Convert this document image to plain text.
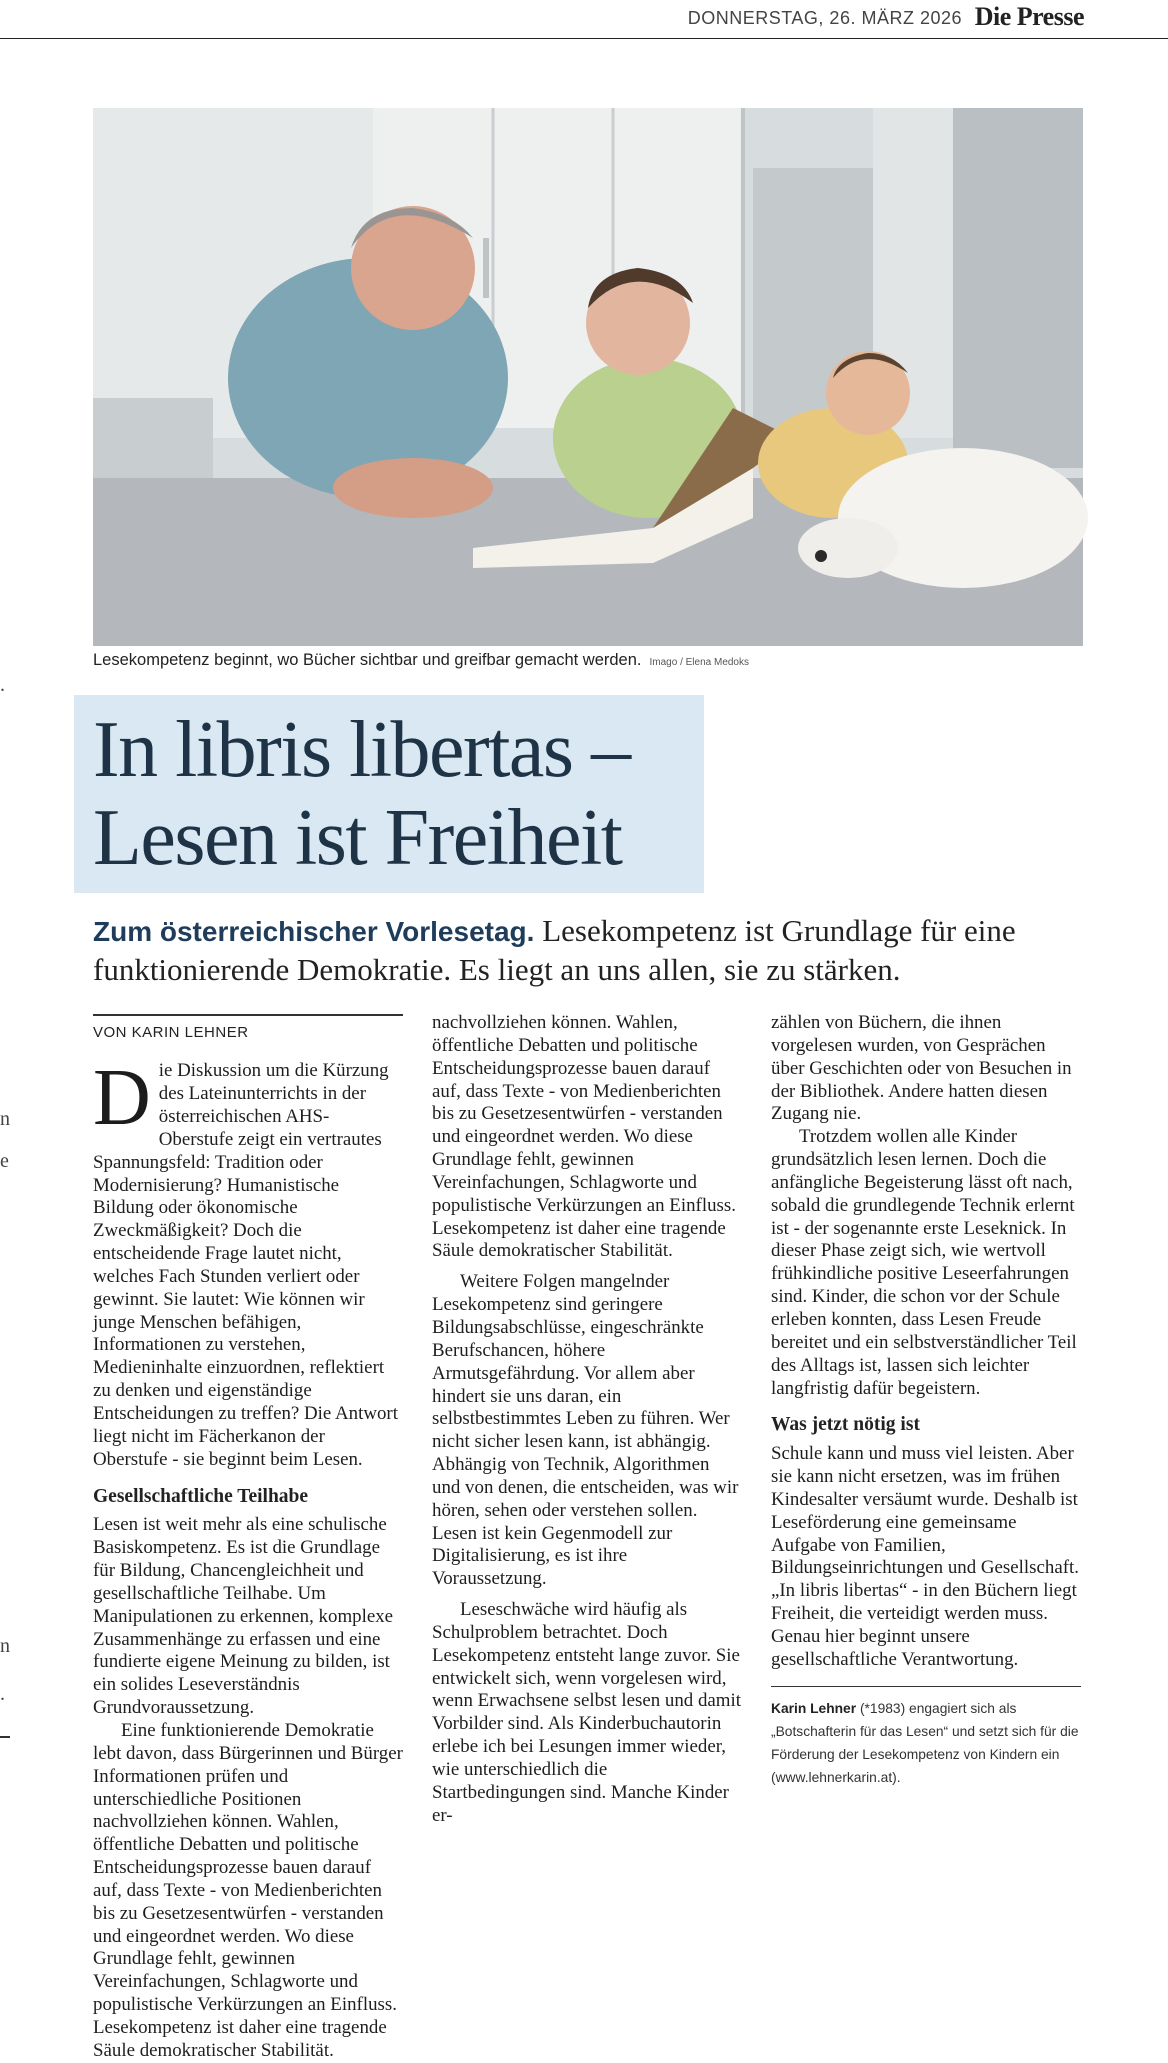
DONNERSTAG, 26. MÄRZ 2026 Die Presse
.
n
e
n
.
Lesekompetenz beginnt, wo Bücher sichtbar und greifbar gemacht werden. Imago / Elena Medoks
In libris libertas –
Lesen ist Freiheit

Zum österreichischer Vorlesetag. Lesekompetenz ist Grundlage für eine funktionierende Demokratie. Es liegt an uns allen, sie zu stärken.

VON KARIN LEHNER

Die Diskussion um die Kürzung des Lateinunterrichts in der österreichischen AHS-Oberstufe zeigt ein vertrautes Spannungsfeld: Tradition oder Modernisierung? Humanistische Bildung oder ökonomische Zweckmäßigkeit? Doch die entscheidende Frage lautet nicht, welches Fach Stunden verliert oder gewinnt. Sie lautet: Wie können wir junge Menschen befähigen, Informationen zu verstehen, Medieninhalte einzuordnen, reflektiert zu denken und eigenständige Entscheidungen zu treffen? Die Antwort liegt nicht im Fächerkanon der Oberstufe - sie beginnt beim Lesen.

Gesellschaftliche Teilhabe

Lesen ist weit mehr als eine schulische Basiskompetenz. Es ist die Grundlage für Bildung, Chancengleichheit und gesellschaftliche Teilhabe. Um Manipulationen zu erkennen, komplexe Zusammenhänge zu erfassen und eine fundierte eigene Meinung zu bilden, ist ein solides Leseverständnis Grundvoraussetzung.

Eine funktionierende Demokratie lebt davon, dass Bürgerinnen und Bürger Informationen prüfen und unterschiedliche Positionen nachvollziehen können. Wahlen, öffentliche Debatten und politische Entscheidungsprozesse bauen darauf auf, dass Texte - von Medienberichten bis zu Gesetzesentwürfen - verstanden und eingeordnet werden. Wo diese Grundlage fehlt, gewinnen Vereinfachungen, Schlagworte und populistische Verkürzungen an Einfluss. Lesekompetenz ist daher eine tragende Säule demokratischer Stabilität.

nachvollziehen können. Wahlen, öffentliche Debatten und politische Entscheidungsprozesse bauen darauf auf, dass Texte - von Medienberichten bis zu Gesetzesentwürfen - verstanden und eingeordnet werden. Wo diese Grundlage fehlt, gewinnen Vereinfachungen, Schlagworte und populistische Verkürzungen an Einfluss. Lesekompetenz ist daher eine tragende Säule demokratischer Stabilität.

Weitere Folgen mangelnder Lesekompetenz sind geringere Bildungsabschlüsse, eingeschränkte Berufschancen, höhere Armutsgefährdung. Vor allem aber hindert sie uns daran, ein selbstbestimmtes Leben zu führen. Wer nicht sicher lesen kann, ist abhängig. Abhängig von Technik, Algorithmen und von denen, die entscheiden, was wir hören, sehen oder verstehen sollen. Lesen ist kein Gegenmodell zur Digitalisierung, es ist ihre Voraussetzung.

Leseschwäche wird häufig als Schulproblem betrachtet. Doch Lesekompetenz entsteht lange zuvor. Sie entwickelt sich, wenn vorgelesen wird, wenn Erwachsene selbst lesen und damit Vorbilder sind. Als Kinderbuchautorin erlebe ich bei Lesungen immer wieder, wie unterschiedlich die Startbedingungen sind. Manche Kinder er-

zählen von Büchern, die ihnen vorgelesen wurden, von Gesprächen über Geschichten oder von Besuchen in der Bibliothek. Andere hatten diesen Zugang nie.

Trotzdem wollen alle Kinder grundsätzlich lesen lernen. Doch die anfängliche Begeisterung lässt oft nach, sobald die grundlegende Technik erlernt ist - der sogenannte erste Leseknick. In dieser Phase zeigt sich, wie wertvoll frühkindliche positive Leseerfahrungen sind. Kinder, die schon vor der Schule erleben konnten, dass Lesen Freude bereitet und ein selbstverständlicher Teil des Alltags ist, lassen sich leichter langfristig dafür begeistern.

Was jetzt nötig ist

Schule kann und muss viel leisten. Aber sie kann nicht ersetzen, was im frühen Kindesalter versäumt wurde. Deshalb ist Leseförderung eine gemeinsame Aufgabe von Familien, Bildungseinrichtungen und Gesellschaft. „In libris libertas“ - in den Büchern liegt Freiheit, die verteidigt werden muss. Genau hier beginnt unsere gesellschaftliche Verantwortung.

Karin Lehner (*1983) engagiert sich als „Botschafterin für das Lesen“ und setzt sich für die Förderung der Lesekompetenz von Kindern ein (www.lehnerkarin.at).
